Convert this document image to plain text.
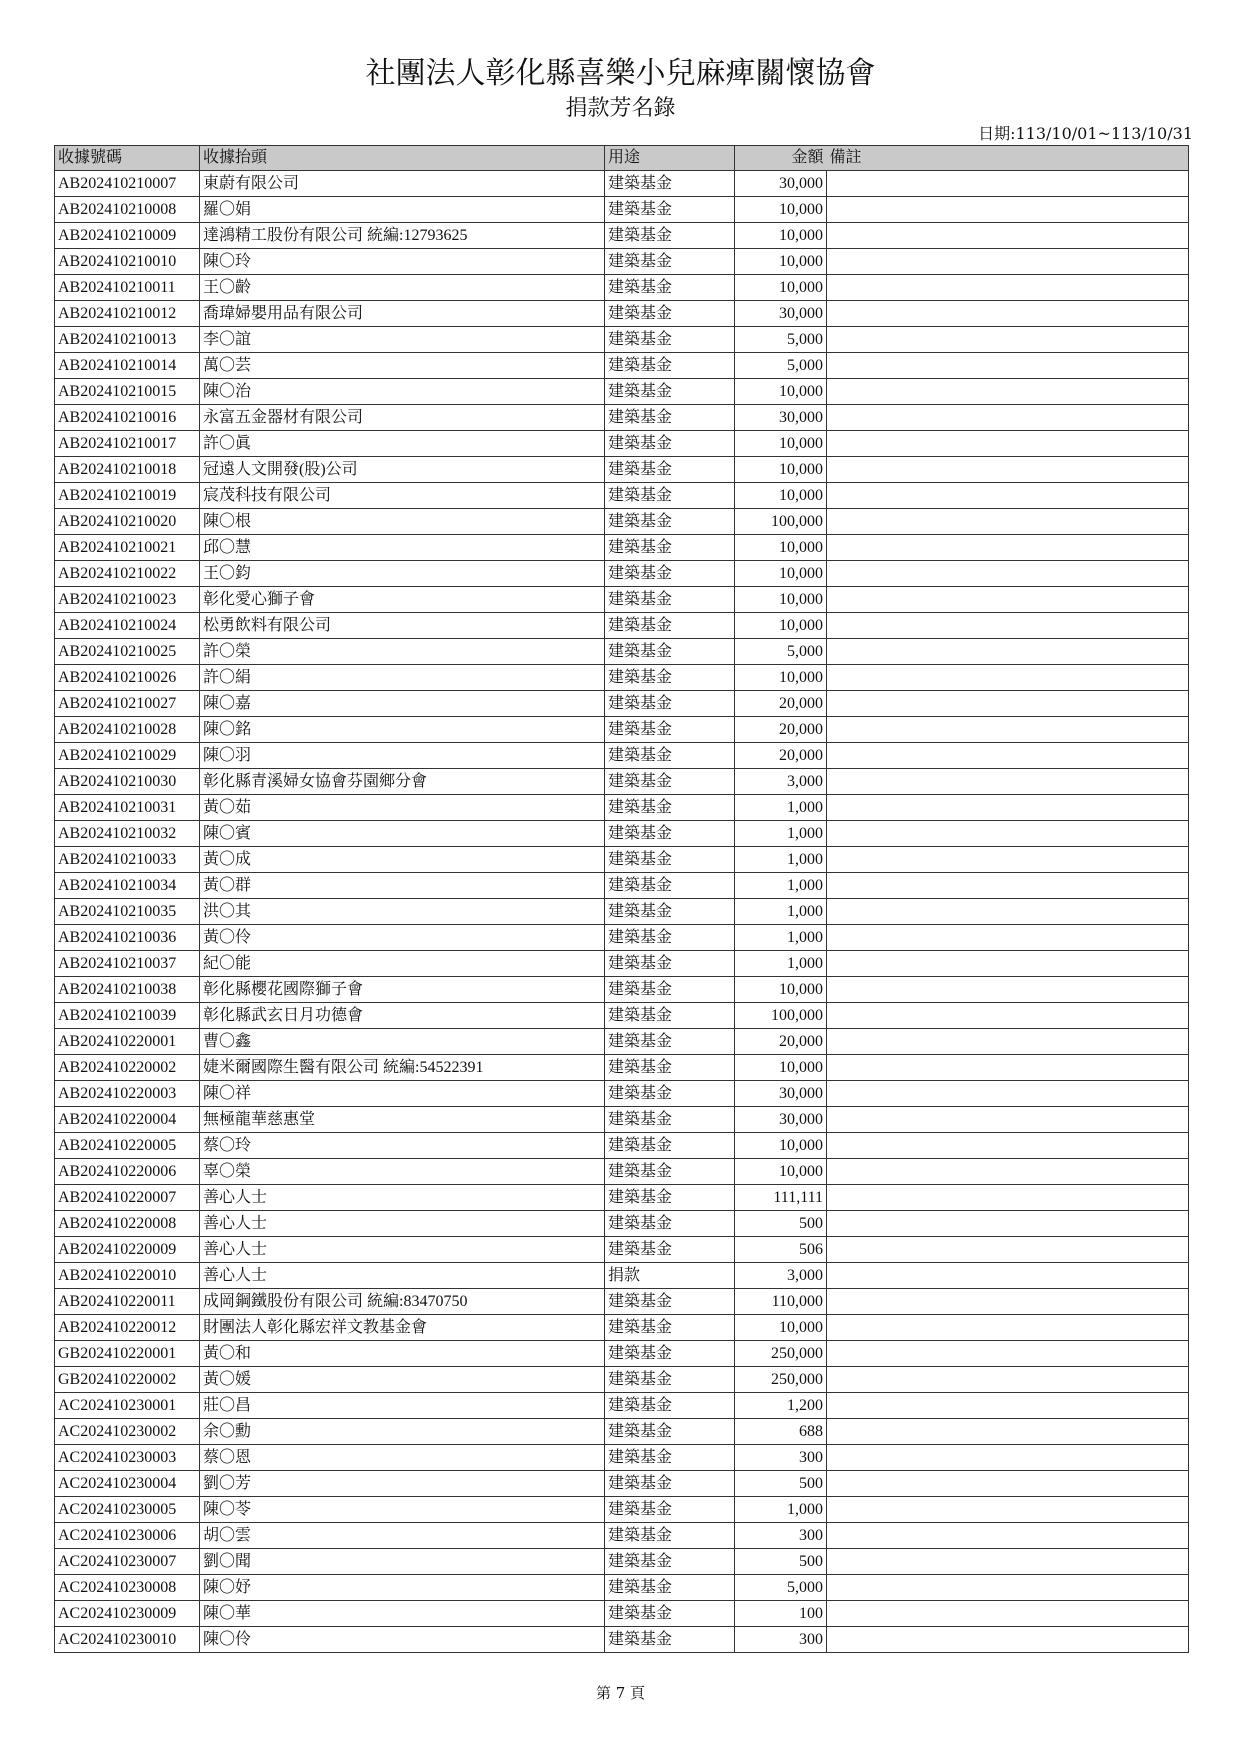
社團法人彰化縣喜樂小兒麻痺關懷協會
捐款芳名錄
日期:113/10/01~113/10/31
收據號碼	收據抬頭	用途	金額	備註
AB202410210007	東蔚有限公司	建築基金	30,000	
AB202410210008	羅〇娟	建築基金	10,000	
AB202410210009	達鴻精工股份有限公司 統編:12793625	建築基金	10,000	
AB202410210010	陳〇玲	建築基金	10,000	
AB202410210011	王〇齡	建築基金	10,000	
AB202410210012	喬瑋婦嬰用品有限公司	建築基金	30,000	
AB202410210013	李〇誼	建築基金	5,000	
AB202410210014	萬〇芸	建築基金	5,000	
AB202410210015	陳〇治	建築基金	10,000	
AB202410210016	永富五金器材有限公司	建築基金	30,000	
AB202410210017	許〇眞	建築基金	10,000	
AB202410210018	冠遠人文開發(股)公司	建築基金	10,000	
AB202410210019	宸茂科技有限公司	建築基金	10,000	
AB202410210020	陳〇根	建築基金	100,000	
AB202410210021	邱〇慧	建築基金	10,000	
AB202410210022	王〇鈞	建築基金	10,000	
AB202410210023	彰化愛心獅子會	建築基金	10,000	
AB202410210024	松勇飲料有限公司	建築基金	10,000	
AB202410210025	許〇榮	建築基金	5,000	
AB202410210026	許〇絹	建築基金	10,000	
AB202410210027	陳〇嘉	建築基金	20,000	
AB202410210028	陳〇銘	建築基金	20,000	
AB202410210029	陳〇羽	建築基金	20,000	
AB202410210030	彰化縣青溪婦女協會芬園鄉分會	建築基金	3,000	
AB202410210031	黃〇茹	建築基金	1,000	
AB202410210032	陳〇賓	建築基金	1,000	
AB202410210033	黃〇成	建築基金	1,000	
AB202410210034	黃〇群	建築基金	1,000	
AB202410210035	洪〇其	建築基金	1,000	
AB202410210036	黃〇伶	建築基金	1,000	
AB202410210037	紀〇能	建築基金	1,000	
AB202410210038	彰化縣櫻花國際獅子會	建築基金	10,000	
AB202410210039	彰化縣武玄日月功德會	建築基金	100,000	
AB202410220001	曹〇鑫	建築基金	20,000	
AB202410220002	婕米爾國際生醫有限公司 統編:54522391	建築基金	10,000	
AB202410220003	陳〇祥	建築基金	30,000	
AB202410220004	無極龍華慈惠堂	建築基金	30,000	
AB202410220005	蔡〇玲	建築基金	10,000	
AB202410220006	辜〇榮	建築基金	10,000	
AB202410220007	善心人士	建築基金	111,111	
AB202410220008	善心人士	建築基金	500	
AB202410220009	善心人士	建築基金	506	
AB202410220010	善心人士	捐款	3,000	
AB202410220011	成岡鋼鐵股份有限公司 統編:83470750	建築基金	110,000	
AB202410220012	財團法人彰化縣宏祥文教基金會	建築基金	10,000	
GB202410220001	黃〇和	建築基金	250,000	
GB202410220002	黃〇媛	建築基金	250,000	
AC202410230001	莊〇昌	建築基金	1,200	
AC202410230002	余〇勳	建築基金	688	
AC202410230003	蔡〇恩	建築基金	300	
AC202410230004	劉〇芳	建築基金	500	
AC202410230005	陳〇苓	建築基金	1,000	
AC202410230006	胡〇雲	建築基金	300	
AC202410230007	劉〇聞	建築基金	500	
AC202410230008	陳〇妤	建築基金	5,000	
AC202410230009	陳〇華	建築基金	100	
AC202410230010	陳〇伶	建築基金	300	
第 7 頁
